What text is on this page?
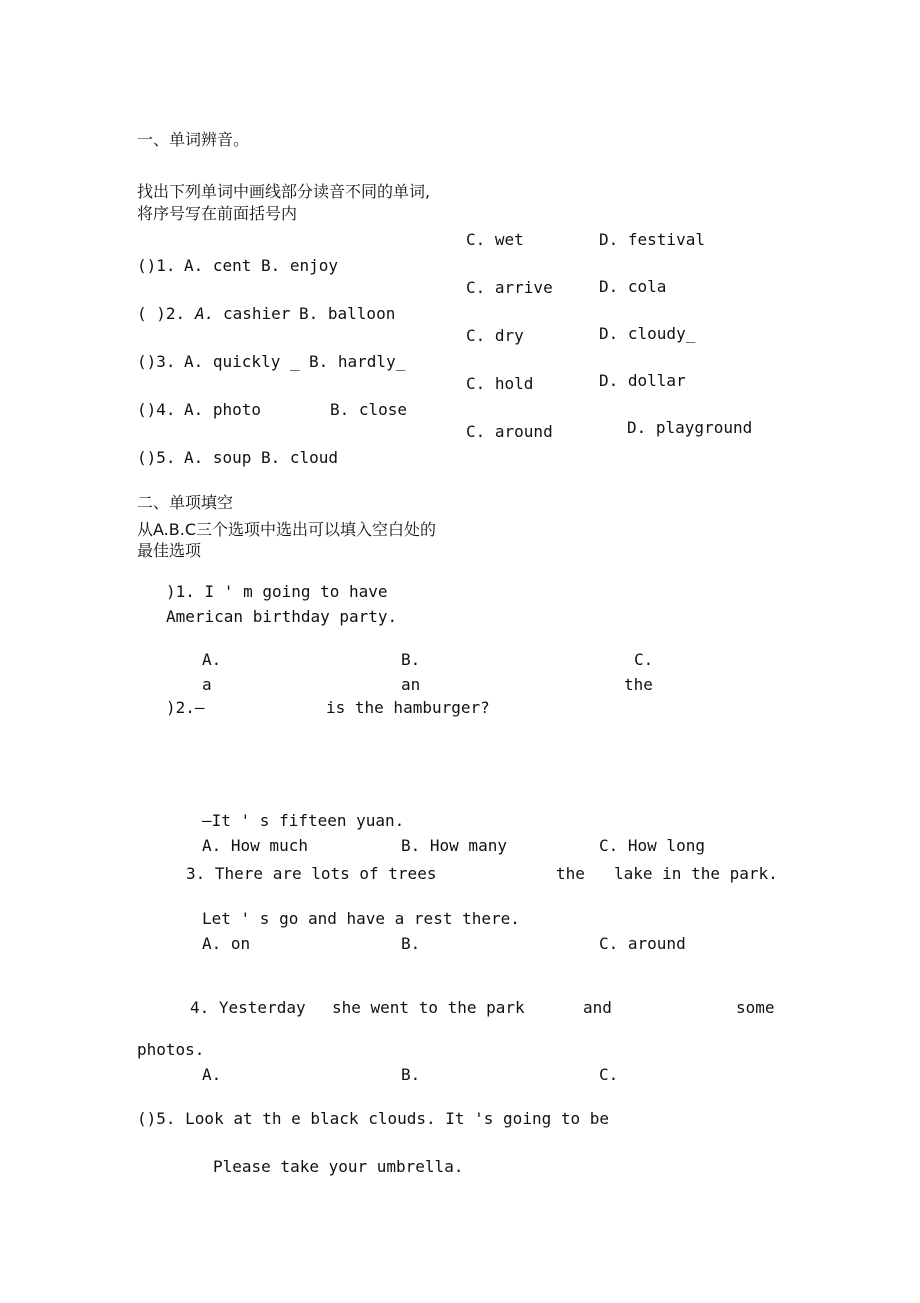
一、单词辨音。
找出下列单词中画线部分读音不同的单词,
将序号写在前面括号内
C. wet	D. festival
()1. A. cent B. enjoy
C. arrive	D. cola
( )2. A. cashier B. balloon
C. dry	D. cloudy_
()3. A. quickly _ B. hardly_
C. hold	D. dollar
()4. A. photo	B. close
C. around	D. playground
()5. A. soup B. cloud
二、单项填空
从A.B.C三个选项中选出可以填入空白处的
最佳选项
)1. I ' m going to have
American birthday party.
A.	B.	C.
a	an	the
)2.—	is the hamburger?
—It ' s fifteen yuan.
A. How much	B. How many	C. How long
3. There are lots of trees	the lake in the park.
Let ' s go and have a rest there.
A. on	B.	C. around
4. Yesterday she went to the park	and	some
photos.
A.	B.	C.
()5. Look at th e black clouds. It 's going to be
Please take your umbrella.
